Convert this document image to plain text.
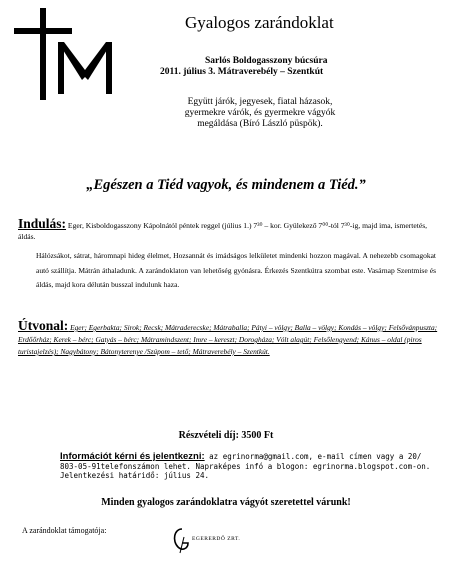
Gyalogos zarándoklat
Sarlós Boldogasszony búcsúra
2011. július 3. Mátraverebély – Szentkút
Együtt járók, jegyesek, fiatal házasok, gyermekre várók, és gyermekre vágyók megáldása (Bíró László püspök).
„Egészen a Tiéd vagyok, és mindenem a Tiéd.”
Indulás: Eger, Kisboldogasszony Kápolnától péntek reggel (július 1.) 7³⁰ – kor. Gyülekező 7⁰⁰-tól 7³⁰-ig, majd ima, ismertetés, áldás.
Hálózsákot, sátrat, háromnapi hideg élelmet, Hozsannát és imádságos lelkületet mindenki hozzon magával. A nehezebb csomagokat autó szállítja. Mátrán áthaladunk. A zarándoklaton van lehetőség gyónásra. Érkezés Szentkútra szombat este. Vasárnap Szentmise és áldás, majd kora délután busszal indulunk haza.
Útvonal: Eger; Egerbakta; Sirok; Recsk; Mátraderecske; Mátraballa; Pátyi – völgy; Balla – völgy; Kondás – völgy; Felsővánpuszta; Erdőőrház; Kerek – bérc; Gatyás – bérc; Mátramindszent; Imre – kereszt; Dorogháza; Vólt alagút; Felsőlengyend; Kánus – oldal (piros turistajelzés); Nagybátony; Bátonyterenye /Szúpom – tető; Mátraverebély – Szentkút.
Részvételi díj: 3500 Ft
Információt kérni és jelentkezni: az egrinorma@gmail.com, e-mail címen vagy a 20/ 803-05-91telefonszámon lehet. Napraképes infó a blogon: egrinorma.blogspot.com-on. Jelentkezési határidő: július 24.
Minden gyalogos zarándoklatra vágyót szeretettel várunk!
A zarándoklat támogatója:
EGERERDŐ ZRT.
